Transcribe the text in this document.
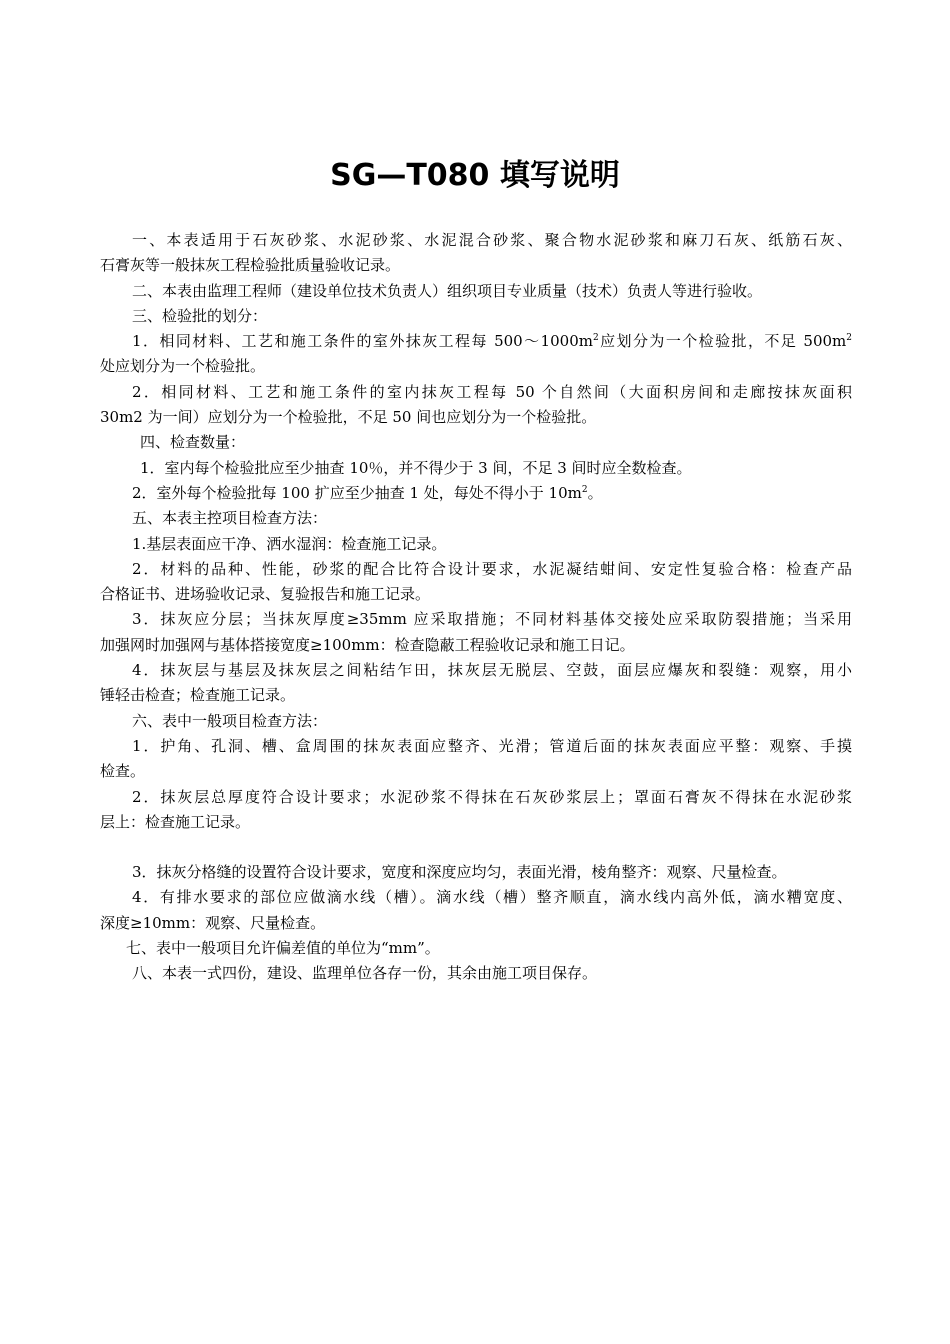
SG—T080 填写说明

一、本表适用于石灰砂浆、水泥砂浆、水泥混合砂浆、聚合物水泥砂浆和麻刀石灰、纸筋石灰、

石膏灰等一般抹灰工程检验批质量验收记录。

二、本表由监理工程师（建设单位技术负责人）组织项目专业质量（技术）负责人等进行验收。

三、检验批的划分：

1．相同材料、工艺和施工条件的室外抹灰工程每 $500\sim 1000m^2$应划分为一个检验批，不足 $500m^2$

处应划分为一个检验批。

2．相同材料、工艺和施工条件的室内抹灰工程每 50 个自然间（大面积房间和走廊按抹灰面积

30m2 为一间）应划分为一个检验批，不足 50 间也应划分为一个检验批。

四、检查数量：

1．室内每个检验批应至少抽查 10％，并不得少于 3 间，不足 3 间时应全数检查。

2．室外每个检验批每 100 扩应至少抽查 1 处，每处不得小于 $10m^2$。

五、本表主控项目检查方法：

1.基层表面应干净、洒水湿润：检查施工记录。

2．材料的品种、性能，砂浆的配合比符合设计要求，水泥凝结蚶间、安定性复验合格：检查产品

合格证书、进场验收记录、复验报告和施工记录。

3．抹灰应分层；当抹灰厚度≥35mm 应采取措施；不同材料基体交接处应采取防裂措施；当采用

加强网时加强网与基体搭接宽度≥100mm：检查隐蔽工程验收记录和施工日记。

4．抹灰层与基层及抹灰层之间粘结乍田，抹灰层无脱层、空鼓，面层应爆灰和裂缝：观察，用小

锤轻击检查；检查施工记录。

六、表中一般项目检查方法：

1．护角、孔洞、槽、盒周围的抹灰表面应整齐、光滑；管道后面的抹灰表面应平整：观察、手摸

检查。

2．抹灰层总厚度符合设计要求；水泥砂浆不得抹在石灰砂浆层上；罩面石膏灰不得抹在水泥砂浆

层上：检查施工记录。

3．抹灰分格缝的设置符合设计要求，宽度和深度应均匀，表面光滑，棱角整齐：观察、尺量检查。

4．有排水要求的部位应做滴水线（槽）。滴水线（槽）整齐顺直，滴水线内高外低，滴水糟宽度、

深度≥10mm：观察、尺量检查。

七、表中一般项目允许偏差值的单位为“mm”。

八、本表一式四份，建设、监理单位各存一份，其余由施工项目保存。
